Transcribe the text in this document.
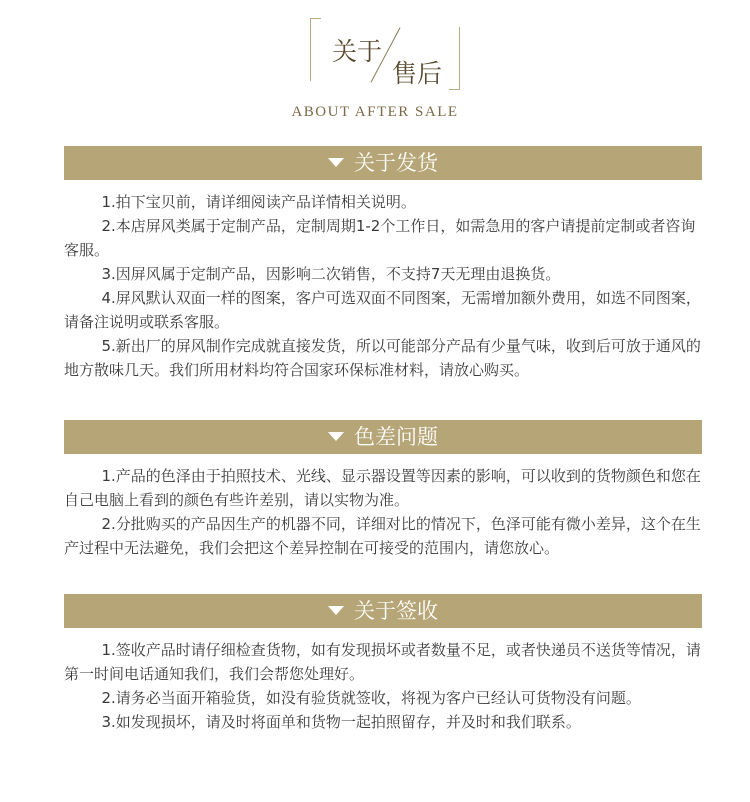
关于
售后
ABOUT AFTER SALE
关于发货

1.拍下宝贝前，请详细阅读产品详情相关说明。

2.本店屏风类属于定制产品，定制周期1-2个工作日，如需急用的客户请提前定制或者咨询客服。

3.因屏风属于定制产品，因影响二次销售，不支持7天无理由退换货。

4.屏风默认双面一样的图案，客户可选双面不同图案，无需增加额外费用，如选不同图案，请备注说明或联系客服。

5.新出厂的屏风制作完成就直接发货，所以可能部分产品有少量气味，收到后可放于通风的地方散味几天。我们所用材料均符合国家环保标准材料，请放心购买。

色差问题

1.产品的色泽由于拍照技术、光线、显示器设置等因素的影响，可以收到的货物颜色和您在自己电脑上看到的颜色有些许差别，请以实物为准。

2.分批购买的产品因生产的机器不同，详细对比的情况下，色泽可能有微小差异，这个在生产过程中无法避免，我们会把这个差异控制在可接受的范围内，请您放心。

关于签收

1.签收产品时请仔细检查货物，如有发现损坏或者数量不足，或者快递员不送货等情况，请第一时间电话通知我们，我们会帮您处理好。

2.请务必当面开箱验货，如没有验货就签收，将视为客户已经认可货物没有问题。

3.如发现损坏，请及时将面单和货物一起拍照留存，并及时和我们联系。
